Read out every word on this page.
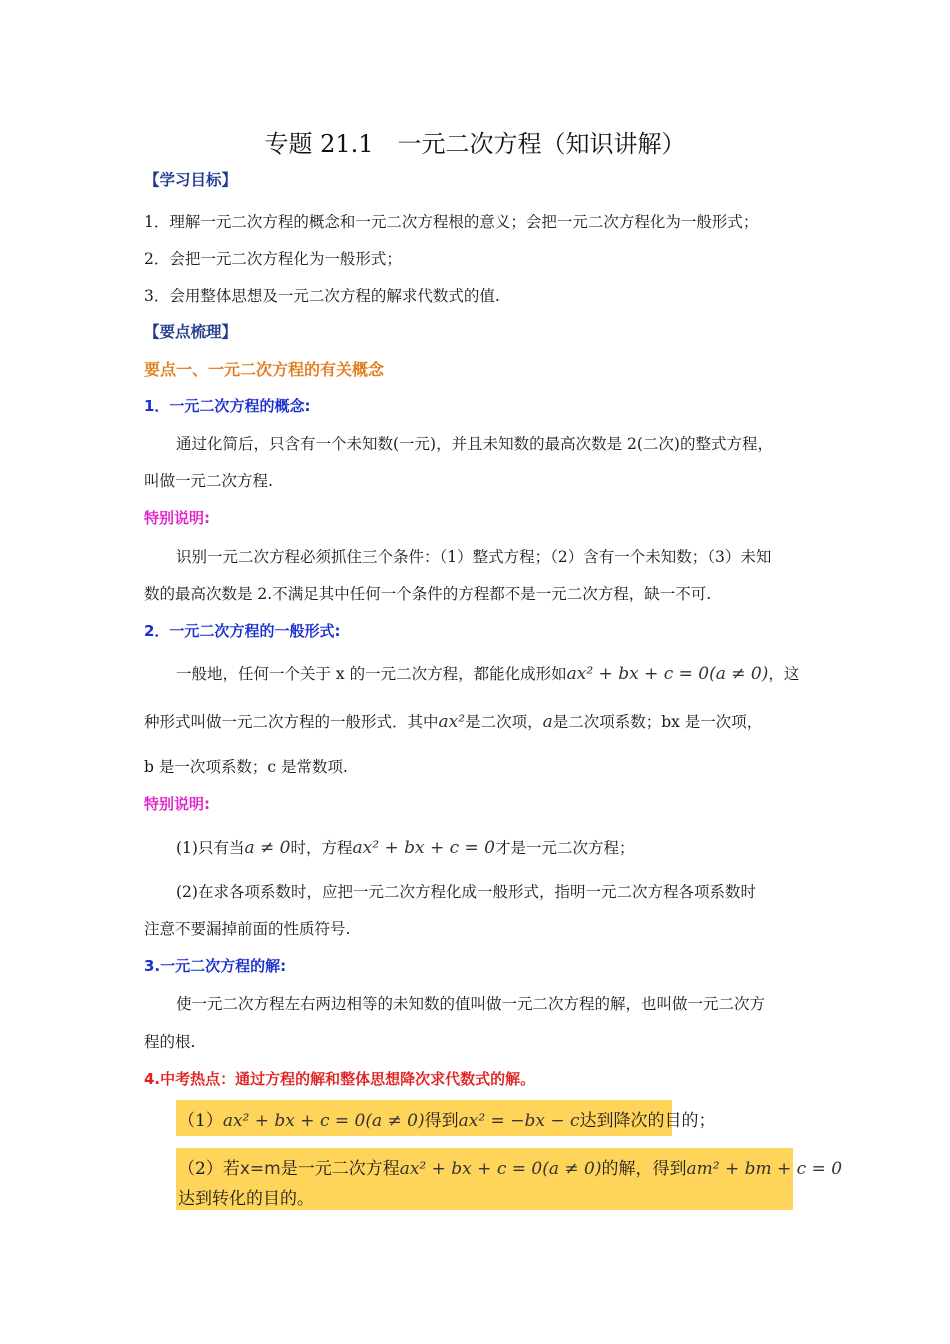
专题 21.1　一元二次方程（知识讲解）
【学习目标】
1．理解一元二次方程的概念和一元二次方程根的意义；会把一元二次方程化为一般形式；
2．会把一元二次方程化为一般形式；
3．会用整体思想及一元二次方程的解求代数式的值.
【要点梳理】
要点一、一元二次方程的有关概念
1．一元二次方程的概念:
通过化简后，只含有一个未知数(一元)，并且未知数的最高次数是 2(二次)的整式方程，
叫做一元二次方程.
特别说明:
识别一元二次方程必须抓住三个条件：（1）整式方程；（2）含有一个未知数；（3）未知
数的最高次数是 2.不满足其中任何一个条件的方程都不是一元二次方程，缺一不可.
2．一元二次方程的一般形式:
一般地，任何一个关于 x 的一元二次方程，都能化成形如ax² + bx + c = 0(a ≠ 0)，这
种形式叫做一元二次方程的一般形式．其中ax²是二次项，a是二次项系数；bx 是一次项，
b 是一次项系数；c 是常数项.
特别说明:
(1)只有当a ≠ 0时，方程ax² + bx + c = 0才是一元二次方程；
(2)在求各项系数时，应把一元二次方程化成一般形式，指明一元二次方程各项系数时
注意不要漏掉前面的性质符号.
3.一元二次方程的解:
使一元二次方程左右两边相等的未知数的值叫做一元二次方程的解，也叫做一元二次方
程的根.
4.中考热点：通过方程的解和整体思想降次求代数式的解。
（1）ax² + bx + c = 0(a ≠ 0)得到ax² = −bx − c达到降次的目的；
（2）若x=m是一元二次方程ax² + bx + c = 0(a ≠ 0)的解，得到am² + bm + c = 0
达到转化的目的。
